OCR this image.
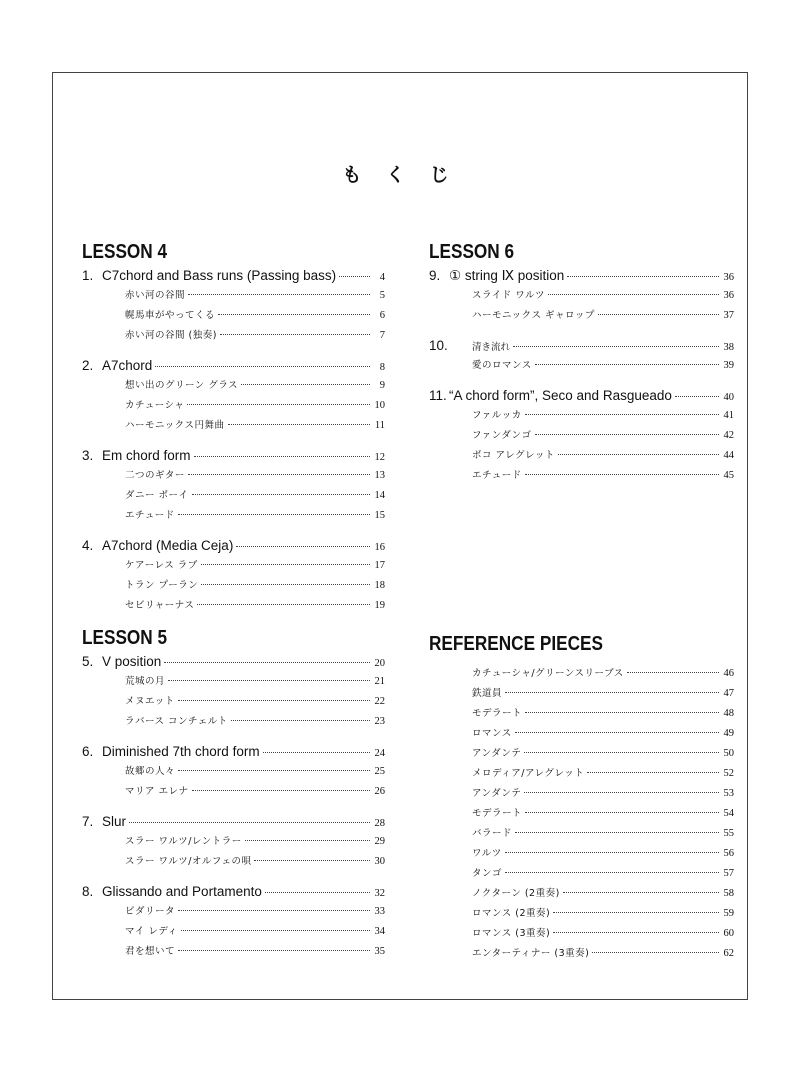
も く じ
LESSON 4
1. C7chord and Bass runs (Passing bass)	4
赤い河の谷間	5
幌馬車がやってくる	6
赤い河の谷間 (独奏)	7
2. A7chord	8
想い出のグリーン グラス	9
カチューシャ	10
ハーモニックス円舞曲	11
3. Em chord form	12
二つのギター	13
ダニー ボーイ	14
エチュード	15
4. A7chord (Media Ceja)	16
ケアーレス ラブ	17
トラン プーラン	18
セビリャーナス	19
LESSON 5
5. V position	20
荒城の月	21
メヌエット	22
ラバース コンチェルト	23
6. Diminished 7th chord form	24
故郷の人々	25
マリア エレナ	26
7. Slur	28
スラー ワルツ/レントラー	29
スラー ワルツ/オルフェの唄	30
8. Glissando and Portamento	32
ビダリータ	33
マイ レディ	34
君を想いて	35
LESSON 6
9. ① string Ⅸ position	36
スライド ワルツ	36
ハーモニックス ギャロップ	37
10.	清き流れ	38
愛のロマンス	39
11. “A chord form”, Seco and Rasgueado	40
ファルッカ	41
ファンダンゴ	42
ボコ アレグレット	44
エチュード	45
REFERENCE PIECES
カチューシャ/グリーンスリーブス	46
鉄道員	47
モデラート	48
ロマンス	49
アンダンテ	50
メロディア/アレグレット	52
アンダンテ	53
モデラート	54
バラード	55
ワルツ	56
タンゴ	57
ノクターン (2重奏)	58
ロマンス (2重奏)	59
ロマンス (3重奏)	60
エンターティナー (3重奏)	62
